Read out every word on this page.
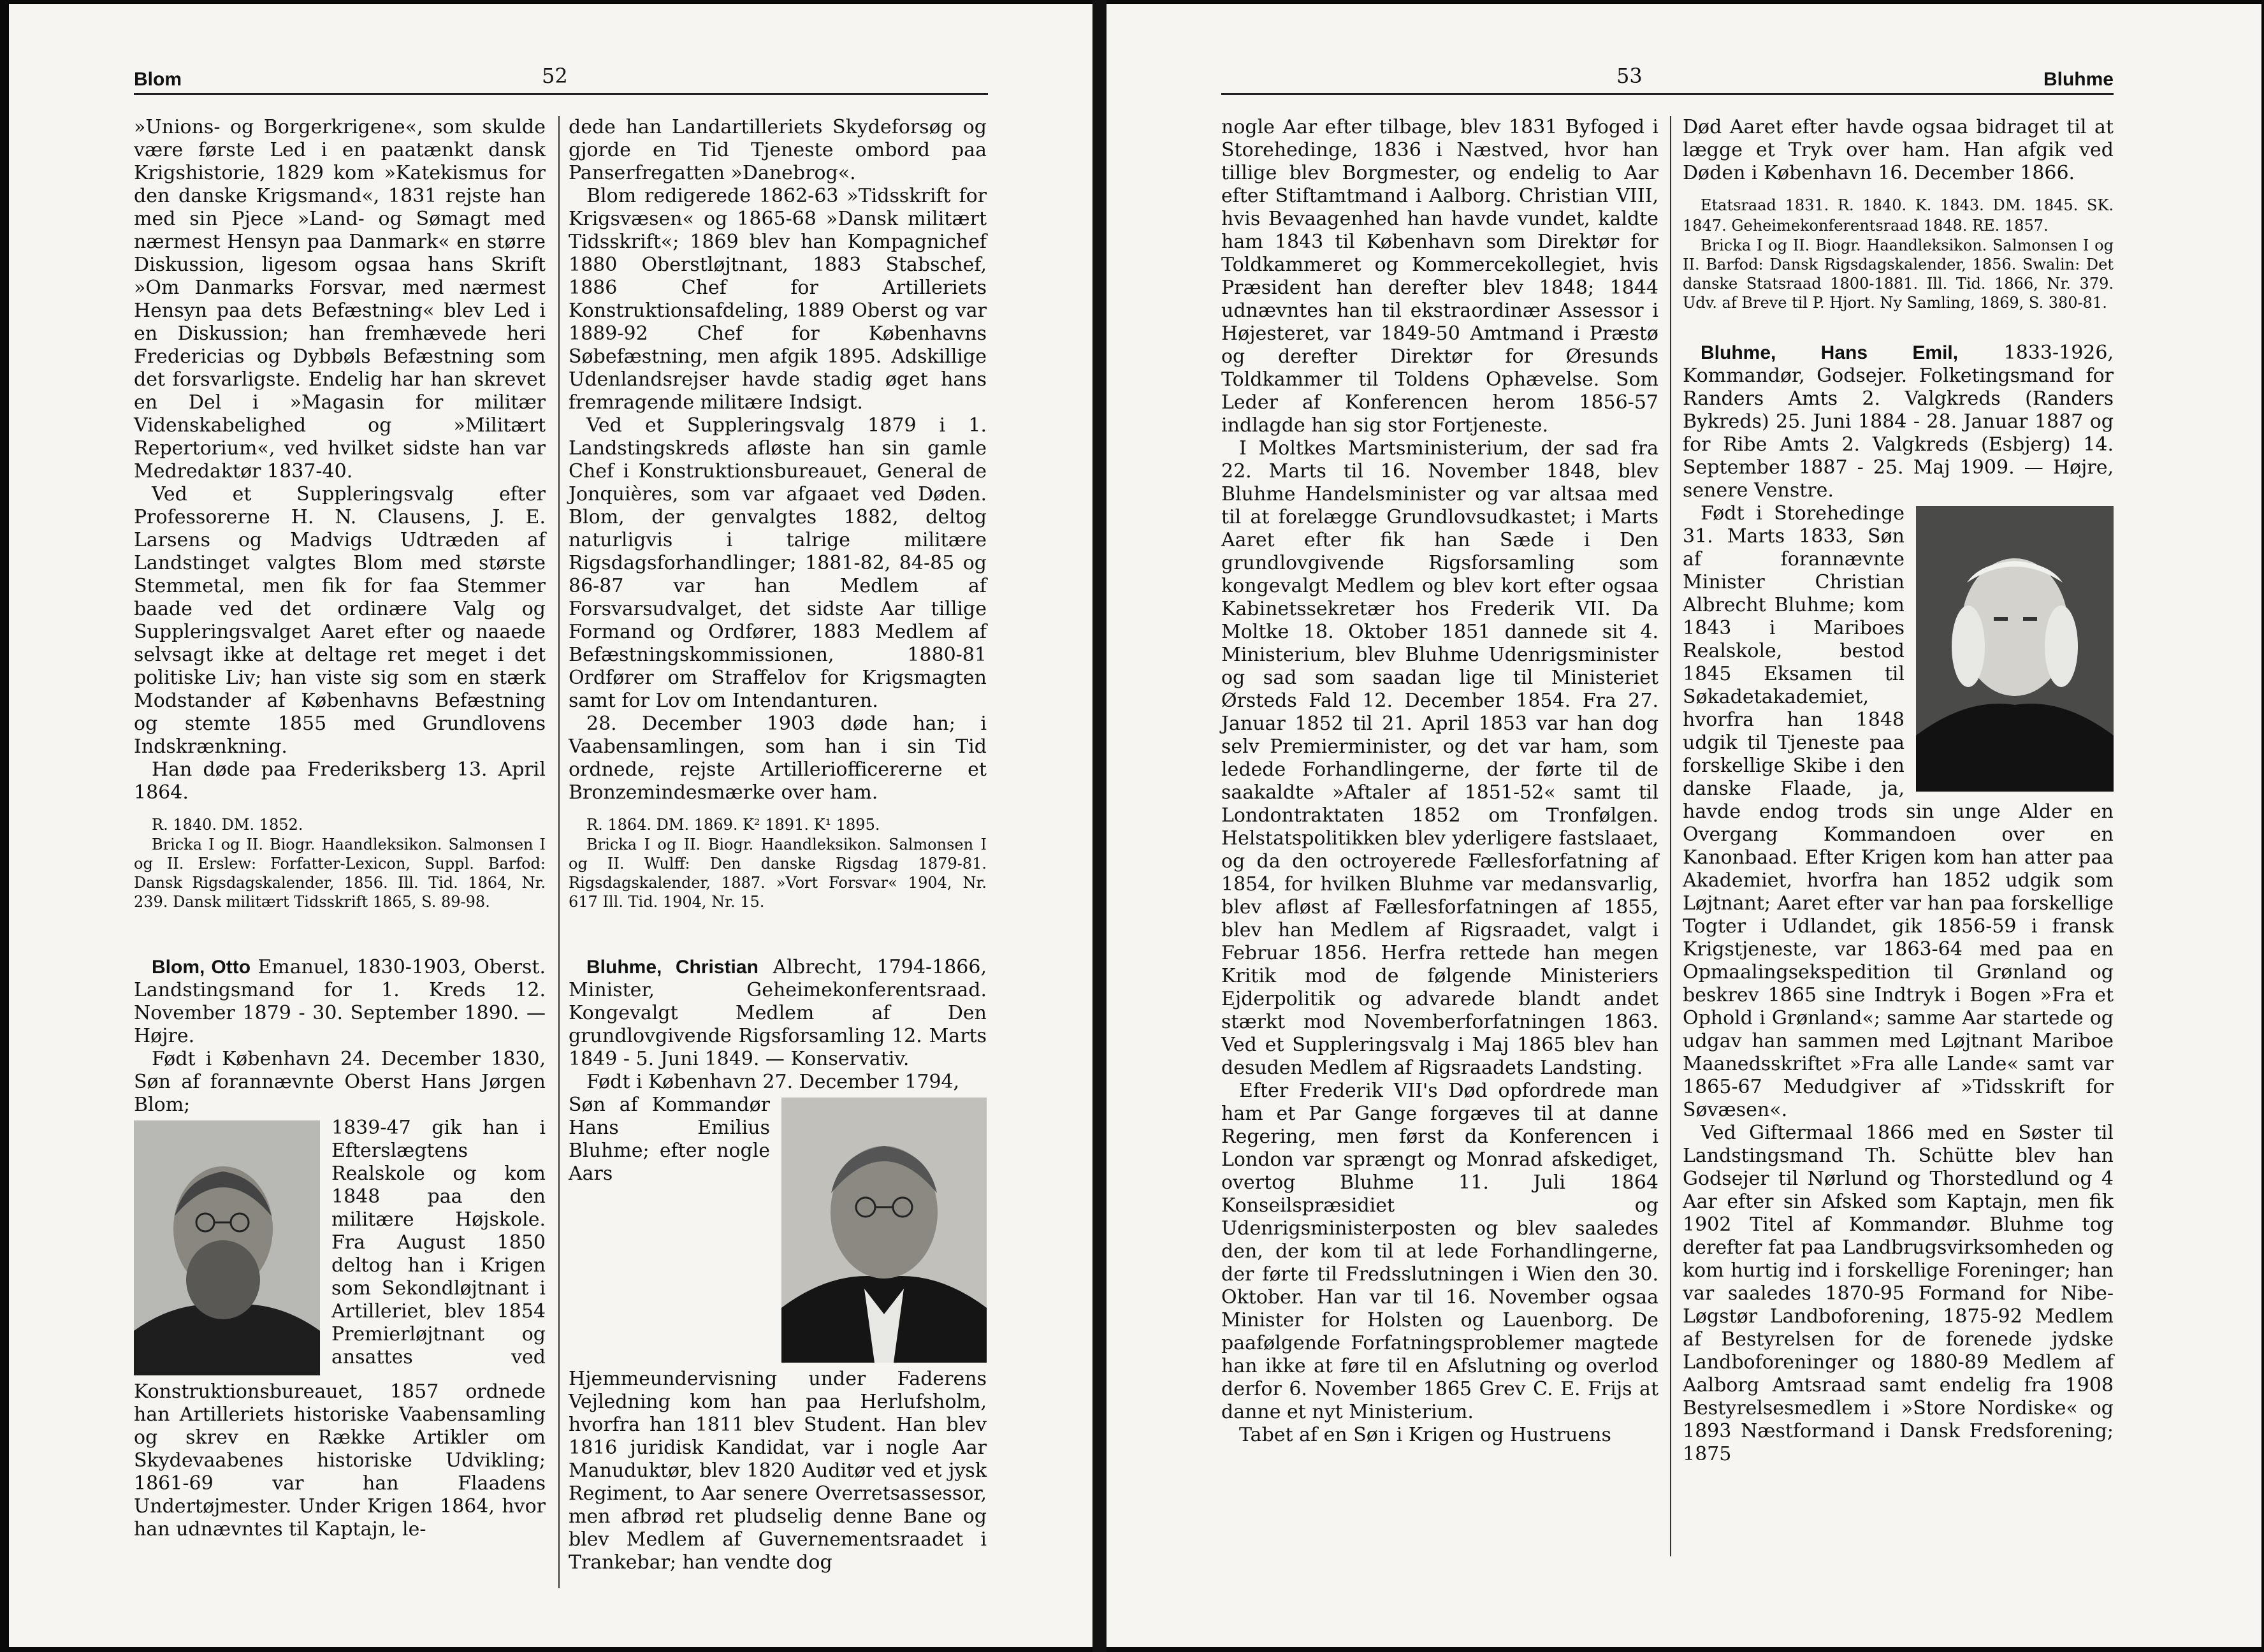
Blom	52

»Unions- og Borgerkrigene«, som skulde være første Led i en paatænkt dansk Krigshistorie, 1829 kom »Katekismus for den danske Krigsmand«, 1831 rejste han med sin Pjece »Land- og Sømagt med nærmest Hensyn paa Danmark« en større Diskussion, ligesom ogsaa hans Skrift »Om Danmarks Forsvar, med nærmest Hensyn paa dets Befæstning« blev Led i en Diskussion; han fremhævede heri Fredericias og Dybbøls Befæstning som det forsvarligste. Endelig har han skrevet en Del i »Magasin for militær Videnskabelighed og »Militært Repertorium«, ved hvilket sidste han var Medredaktør 1837-40.

Ved et Suppleringsvalg efter Professorerne H. N. Clausens, J. E. Larsens og Madvigs Udtræden af Landstinget valgtes Blom med største Stemmetal, men fik for faa Stemmer baade ved det ordinære Valg og Suppleringsvalget Aaret efter og naaede selvsagt ikke at deltage ret meget i det politiske Liv; han viste sig som en stærk Modstander af Københavns Befæstning og stemte 1855 med Grundlovens Indskrænkning.

Han døde paa Frederiksberg 13. April 1864.

R. 1840. DM. 1852.

Bricka I og II. Biogr. Haandleksikon. Salmonsen I og II. Erslew: Forfatter-Lexicon, Suppl. Barfod: Dansk Rigsdagskalender, 1856. Ill. Tid. 1864, Nr. 239. Dansk militært Tidsskrift 1865, S. 89-98.

Blom, Otto Emanuel, 1830-1903, Oberst. Landstingsmand for 1. Kreds 12. November 1879 - 30. September 1890. — Højre.

Født i København 24. December 1830, Søn af forannævnte Oberst Hans Jørgen Blom;

1839-47 gik han i Efterslægtens Realskole og kom 1848 paa den militære Højskole. Fra August 1850 deltog han i Krigen som Sekondløjtnant i Artilleriet, blev 1854 Premierløjtnant og ansattes ved Konstruktionsbureauet, 1857 ordnede han Artilleriets historiske Vaabensamling og skrev en Række Artikler om Skydevaabenes historiske Udvikling; 1861-69 var han Flaadens Undertøjmester. Under Krigen 1864, hvor han udnævntes til Kaptajn, le-

dede han Landartilleriets Skydeforsøg og gjorde en Tid Tjeneste ombord paa Panserfregatten »Danebrog«.

Blom redigerede 1862-63 »Tidsskrift for Krigsvæsen« og 1865-68 »Dansk militært Tidsskrift«; 1869 blev han Kompagnichef 1880 Oberstløjtnant, 1883 Stabschef, 1886 Chef for Artilleriets Konstruktionsafdeling, 1889 Oberst og var 1889-92 Chef for Københavns Søbefæstning, men afgik 1895. Adskillige Udenlandsrejser havde stadig øget hans fremragende militære Indsigt.

Ved et Suppleringsvalg 1879 i 1. Landstingskreds afløste han sin gamle Chef i Konstruktionsbureauet, General de Jonquières, som var afgaaet ved Døden. Blom, der genvalgtes 1882, deltog naturligvis i talrige militære Rigsdagsforhandlinger; 1881-82, 84-85 og 86-87 var han Medlem af Forsvarsudvalget, det sidste Aar tillige Formand og Ordfører, 1883 Medlem af Befæstningskommissionen, 1880-81 Ordfører om Straffelov for Krigsmagten samt for Lov om Intendanturen.

28. December 1903 døde han; i Vaabensamlingen, som han i sin Tid ordnede, rejste Artilleriofficererne et Bronzemindesmærke over ham.

R. 1864. DM. 1869. K² 1891. K¹ 1895.

Bricka I og II. Biogr. Haandleksikon. Salmonsen I og II. Wulff: Den danske Rigsdag 1879-81. Rigsdagskalender, 1887. »Vort Forsvar« 1904, Nr. 617 Ill. Tid. 1904, Nr. 15.

Bluhme, Christian Albrecht, 1794-1866, Minister, Geheimekonferentsraad. Kongevalgt Medlem af Den grundlovgivende Rigsforsamling 12. Marts 1849 - 5. Juni 1849. — Konservativ.

Født i København 27. December 1794,

Søn af Kommandør Hans Emilius Bluhme; efter nogle Aars Hjemmeundervisning under Faderens Vejledning kom han paa Herlufsholm, hvorfra han 1811 blev Student. Han blev 1816 juridisk Kandidat, var i nogle Aar Manuduktør, blev 1820 Auditør ved et jysk Regiment, to Aar senere Overretsassessor, men afbrød ret pludselig denne Bane og blev Medlem af Guvernementsraadet i Trankebar; han vendte dog

53	Bluhme

nogle Aar efter tilbage, blev 1831 Byfoged i Storehedinge, 1836 i Næstved, hvor han tillige blev Borgmester, og endelig to Aar efter Stiftamtmand i Aalborg. Christian VIII, hvis Bevaagenhed han havde vundet, kaldte ham 1843 til København som Direktør for Toldkammeret og Kommercekollegiet, hvis Præsident han derefter blev 1848; 1844 udnævntes han til ekstraordinær Assessor i Højesteret, var 1849-50 Amtmand i Præstø og derefter Direktør for Øresunds Toldkammer til Toldens Ophævelse. Som Leder af Konferencen herom 1856-57 indlagde han sig stor Fortjeneste.

I Moltkes Martsministerium, der sad fra 22. Marts til 16. November 1848, blev Bluhme Handelsminister og var altsaa med til at forelægge Grundlovsudkastet; i Marts Aaret efter fik han Sæde i Den grundlovgivende Rigsforsamling som kongevalgt Medlem og blev kort efter ogsaa Kabinetssekretær hos Frederik VII. Da Moltke 18. Oktober 1851 dannede sit 4. Ministerium, blev Bluhme Udenrigsminister og sad som saadan lige til Ministeriet Ørsteds Fald 12. December 1854. Fra 27. Januar 1852 til 21. April 1853 var han dog selv Premierminister, og det var ham, som ledede Forhandlingerne, der førte til de saakaldte »Aftaler af 1851-52« samt til Londontraktaten 1852 om Tronfølgen. Helstatspolitikken blev yderligere fastslaaet, og da den octroyerede Fællesforfatning af 1854, for hvilken Bluhme var medansvarlig, blev afløst af Fællesforfatningen af 1855, blev han Medlem af Rigsraadet, valgt i Februar 1856. Herfra rettede han megen Kritik mod de følgende Ministeriers Ejderpolitik og advarede blandt andet stærkt mod Novemberforfatningen 1863. Ved et Suppleringsvalg i Maj 1865 blev han desuden Medlem af Rigsraadets Landsting.

Efter Frederik VII's Død opfordrede man ham et Par Gange forgæves til at danne Regering, men først da Konferencen i London var sprængt og Monrad afskediget, overtog Bluhme 11. Juli 1864 Konseilspræsidiet og Udenrigsministerposten og blev saaledes den, der kom til at lede Forhandlingerne, der førte til Fredsslutningen i Wien den 30. Oktober. Han var til 16. November ogsaa Minister for Holsten og Lauenborg. De paafølgende Forfatningsproblemer magtede han ikke at føre til en Afslutning og overlod derfor 6. November 1865 Grev C. E. Frijs at danne et nyt Ministerium.

Tabet af en Søn i Krigen og Hustruens

Død Aaret efter havde ogsaa bidraget til at lægge et Tryk over ham. Han afgik ved Døden i København 16. December 1866.

Etatsraad 1831. R. 1840. K. 1843. DM. 1845. SK. 1847. Geheimekonferentsraad 1848. RE. 1857.

Bricka I og II. Biogr. Haandleksikon. Salmonsen I og II. Barfod: Dansk Rigsdagskalender, 1856. Swalin: Det danske Statsraad 1800-1881. Ill. Tid. 1866, Nr. 379. Udv. af Breve til P. Hjort. Ny Samling, 1869, S. 380-81.

Bluhme, Hans Emil, 1833-1926, Kommandør, Godsejer. Folketingsmand for Randers Amts 2. Valgkreds (Randers Bykreds) 25. Juni 1884 - 28. Januar 1887 og for Ribe Amts 2. Valgkreds (Esbjerg) 14. September 1887 - 25. Maj 1909. — Højre, senere Venstre.

Født i Storehedinge 31. Marts 1833, Søn af forannævnte Minister Christian Albrecht Bluhme; kom 1843 i Mariboes Realskole, bestod 1845 Eksamen til Søkadetakademiet, hvorfra han 1848 udgik til Tjeneste paa forskellige Skibe i den danske Flaade, ja, havde endog trods sin unge Alder en Overgang Kommandoen over en Kanonbaad. Efter Krigen kom han atter paa Akademiet, hvorfra han 1852 udgik som Løjtnant; Aaret efter var han paa forskellige Togter i Udlandet, gik 1856-59 i fransk Krigstjeneste, var 1863-64 med paa en Opmaalingsekspedition til Grønland og beskrev 1865 sine Indtryk i Bogen »Fra et Ophold i Grønland«; samme Aar startede og udgav han sammen med Løjtnant Mariboe Maanedsskriftet »Fra alle Lande« samt var 1865-67 Medudgiver af »Tidsskrift for Søvæsen«.

Ved Giftermaal 1866 med en Søster til Landstingsmand Th. Schütte blev han Godsejer til Nørlund og Thorstedlund og 4 Aar efter sin Afsked som Kaptajn, men fik 1902 Titel af Kommandør. Bluhme tog derefter fat paa Landbrugsvirksomheden og kom hurtig ind i forskellige Foreninger; han var saaledes 1870-95 Formand for Nibe-Løgstør Landboforening, 1875-92 Medlem af Bestyrelsen for de forenede jydske Landboforeninger og 1880-89 Medlem af Aalborg Amtsraad samt endelig fra 1908 Bestyrelsesmedlem i »Store Nordiske« og 1893 Næstformand i Dansk Fredsforening; 1875
